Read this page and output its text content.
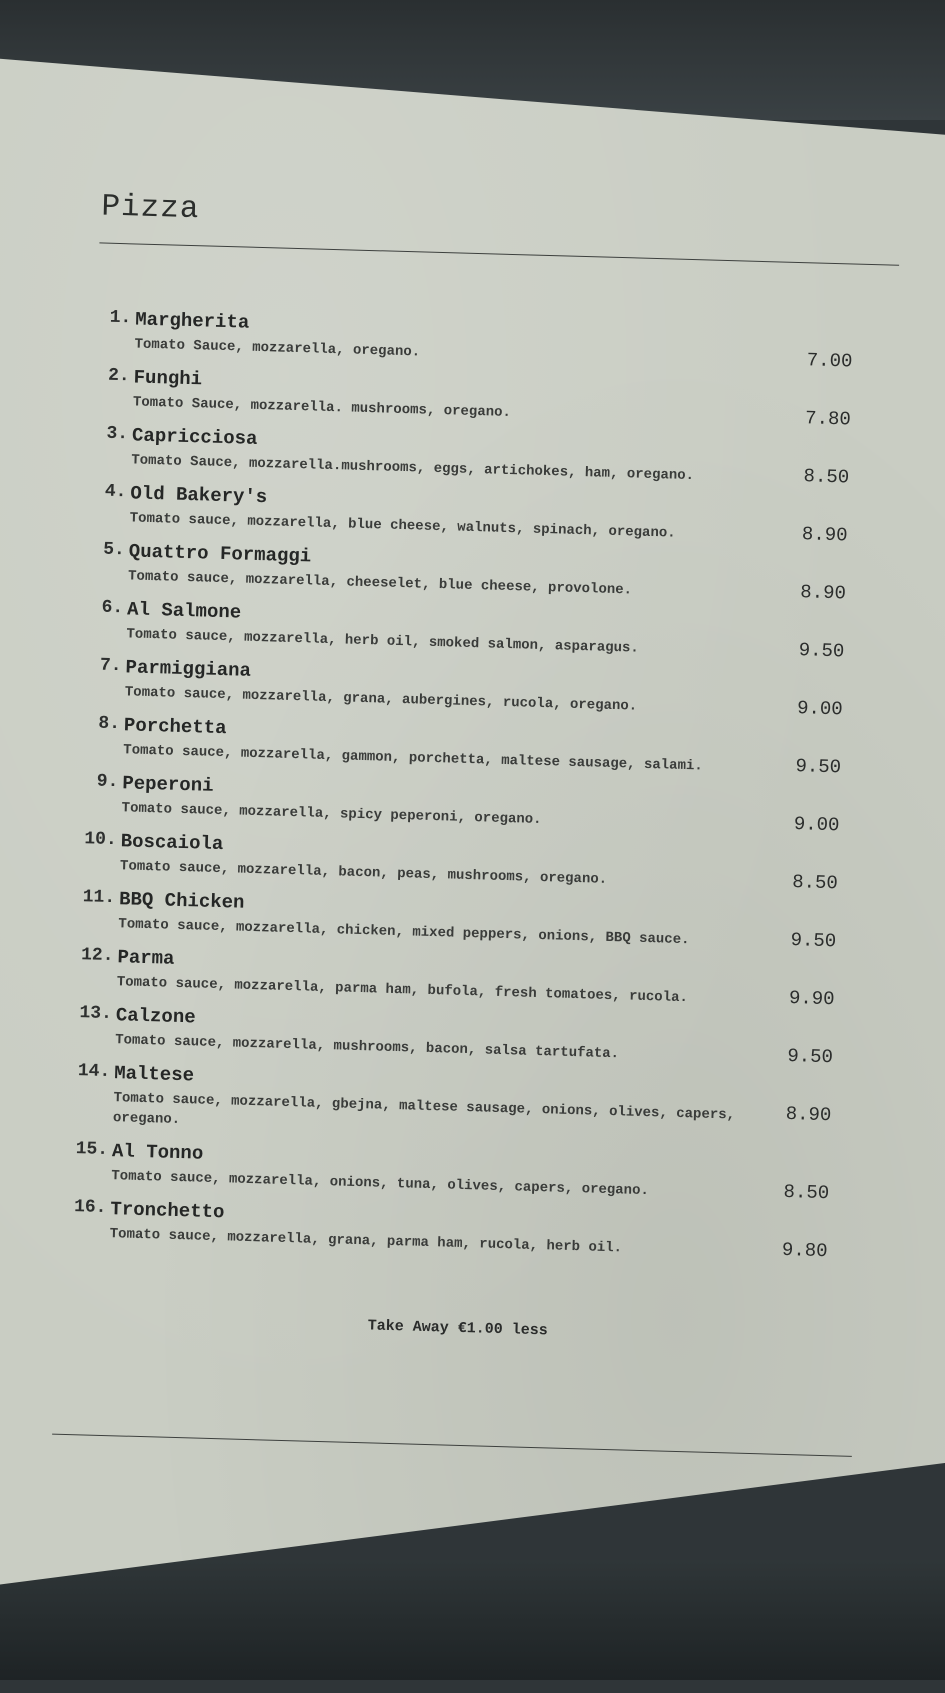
Pizza
1. Margherita
Tomato Sauce, mozzarella, oregano.
7.00
2. Funghi
Tomato Sauce, mozzarella. mushrooms, oregano.	7.80
3. Capricciosa
Tomato Sauce, mozzarella.mushrooms, eggs, artichokes, ham, oregano.	8.50
4. Old Bakery's
Tomato sauce, mozzarella, blue cheese, walnuts, spinach, oregano.	8.90
5. Quattro Formaggi
Tomato sauce, mozzarella, cheeselet, blue cheese, provolone.	8.90
6. Al Salmone
Tomato sauce, mozzarella, herb oil, smoked salmon, asparagus.	9.50
7. Parmiggiana
Tomato sauce, mozzarella, grana, aubergines, rucola, oregano.	9.00
8. Porchetta
Tomato sauce, mozzarella, gammon, porchetta, maltese sausage, salami.	9.50
9. Peperoni
Tomato sauce, mozzarella, spicy peperoni, oregano.	9.00
10. Boscaiola
Tomato sauce, mozzarella, bacon, peas, mushrooms, oregano.	8.50
11. BBQ Chicken
Tomato sauce, mozzarella, chicken, mixed peppers, onions, BBQ sauce.	9.50
12. Parma
Tomato sauce, mozzarella, parma ham, bufola, fresh tomatoes, rucola.	9.90
13. Calzone
Tomato sauce, mozzarella, mushrooms, bacon, salsa tartufata.	9.50
14. Maltese
Tomato sauce, mozzarella, gbejna, maltese sausage, onions, olives, capers, oregano.	8.90
15. Al Tonno
Tomato sauce, mozzarella, onions, tuna, olives, capers, oregano.	8.50
16. Tronchetto
Tomato sauce, mozzarella, grana, parma ham, rucola, herb oil.	9.80
Take Away €1.00 less
